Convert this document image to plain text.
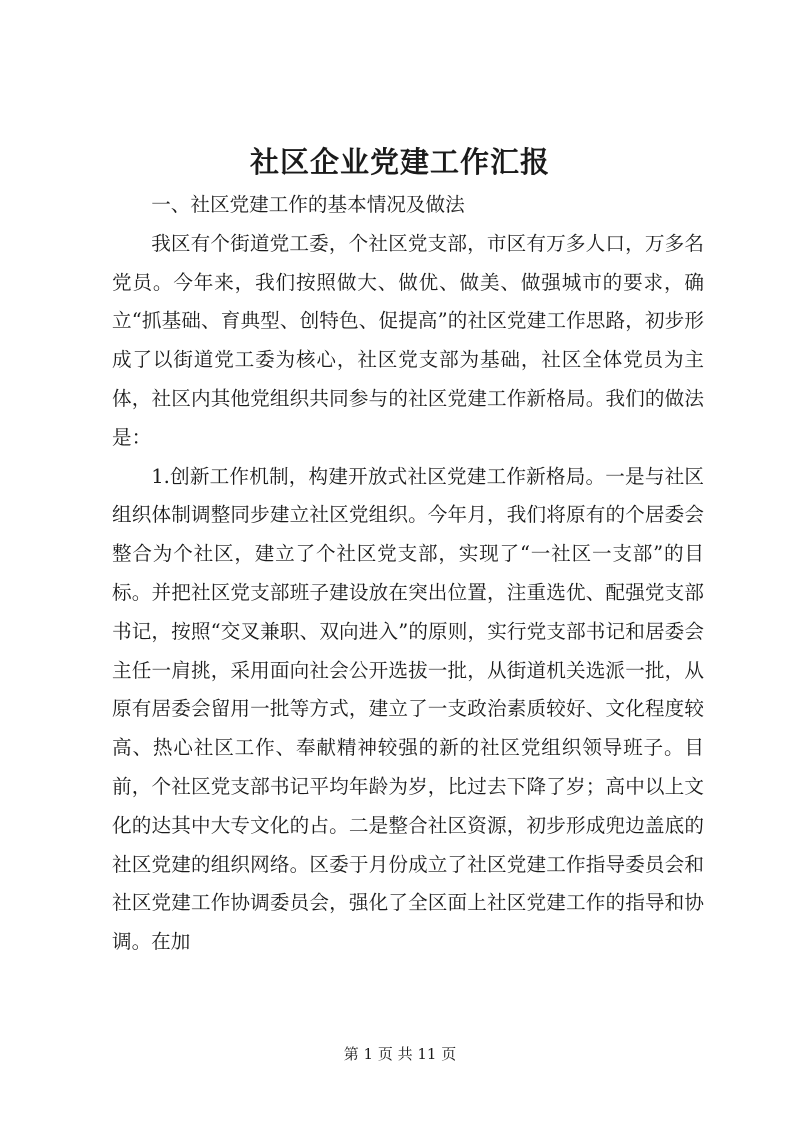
社区企业党建工作汇报

一、社区党建工作的基本情况及做法

我区有个街道党工委，个社区党支部，市区有万多人口，万多名党员。今年来，我们按照做大、做优、做美、做强城市的要求，确立“抓基础、育典型、创特色、促提高”的社区党建工作思路，初步形成了以街道党工委为核心，社区党支部为基础，社区全体党员为主体，社区内其他党组织共同参与的社区党建工作新格局。我们的做法是：

1.创新工作机制，构建开放式社区党建工作新格局。一是与社区组织体制调整同步建立社区党组织。今年月，我们将原有的个居委会整合为个社区，建立了个社区党支部，实现了“一社区一支部”的目标。并把社区党支部班子建设放在突出位置，注重选优、配强党支部书记，按照“交叉兼职、双向进入”的原则，实行党支部书记和居委会主任一肩挑，采用面向社会公开选拔一批，从街道机关选派一批，从原有居委会留用一批等方式，建立了一支政治素质较好、文化程度较高、热心社区工作、奉献精神较强的新的社区党组织领导班子。目前，个社区党支部书记平均年龄为岁，比过去下降了岁；高中以上文化的达其中大专文化的占。二是整合社区资源，初步形成兜边盖底的社区党建的组织网络。区委于月份成立了社区党建工作指导委员会和社区党建工作协调委员会，强化了全区面上社区党建工作的指导和协调。在加

第 1 页 共 11 页
